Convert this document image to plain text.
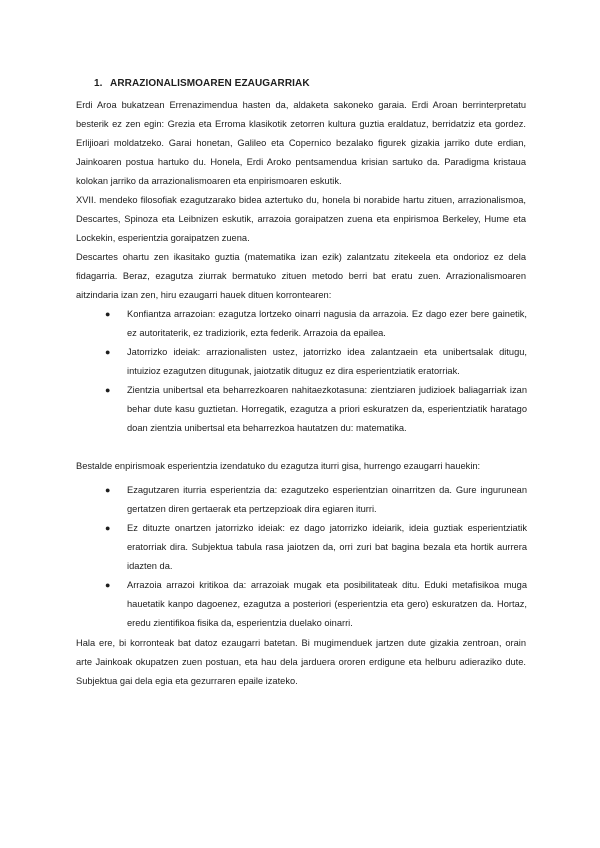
1. ARRAZIONALISMOAREN EZAUGARRIAK

Erdi Aroa bukatzean Errenazimendua hasten da, aldaketa sakoneko garaia. Erdi Aroan berrinterpretatu besterik ez zen egin: Grezia eta Erroma klasikotik zetorren kultura guztia eraldatuz, berridatziz eta gordez. Erlijioari moldatzeko. Garai honetan, Galileo eta Copernico bezalako figurek gizakia jarriko dute erdian, Jainkoaren postua hartuko du. Honela, Erdi Aroko pentsamendua krisian sartuko da. Paradigma kristaua kolokan jarriko da arrazionalismoaren eta enpirismoaren eskutik.

XVII. mendeko filosofiak ezagutzarako bidea aztertuko du, honela bi norabide hartu zituen, arrazionalismoa, Descartes, Spinoza eta Leibnizen eskutik, arrazoia goraipatzen zuena eta enpirismoa Berkeley, Hume eta Lockekin, esperientzia goraipatzen zuena.

Descartes ohartu zen ikasitako guztia (matematika izan ezik) zalantzatu zitekeela eta ondorioz ez dela fidagarria. Beraz, ezagutza ziurrak bermatuko zituen metodo berri bat eratu zuen. Arrazionalismoaren aitzindaria izan zen, hiru ezaugarri hauek dituen korrontearen:

●	Konfiantza arrazoian: ezagutza lortzeko oinarri nagusia da arrazoia. Ez dago ezer bere gainetik, ez autoritaterik, ez tradiziorik, ezta federik. Arrazoia da epailea.
●	Jatorrizko ideiak: arrazionalisten ustez, jatorrizko idea zalantzaein eta unibertsalak ditugu, intuizioz ezagutzen ditugunak, jaiotzatik dituguz ez dira esperientziatik eratorriak.
●	Zientzia unibertsal eta beharrezkoaren nahitaezkotasuna: zientziaren judizioek baliagarriak izan behar dute kasu guztietan. Horregatik, ezagutza a priori eskuratzen da, esperientziatik haratago doan zientzia unibertsal eta beharrezkoa hautatzen du: matematika.

Bestalde enpirismoak esperientzia izendatuko du ezagutza iturri gisa, hurrengo ezaugarri hauekin:

●	Ezagutzaren iturria esperientzia da: ezagutzeko esperientzian oinarritzen da. Gure ingurunean gertatzen diren gertaerak eta pertzepzioak dira egiaren iturri.
●	Ez dituzte onartzen jatorrizko ideiak: ez dago jatorrizko ideiarik, ideia guztiak esperientziatik eratorriak dira. Subjektua tabula rasa jaiotzen da, orri zuri bat bagina bezala eta hortik aurrera idazten da.
●	Arrazoia arrazoi kritikoa da: arrazoiak mugak eta posibilitateak ditu. Eduki metafisikoa muga hauetatik kanpo dagoenez, ezagutza a posteriori (esperientzia eta gero) eskuratzen da. Hortaz, eredu zientifikoa fisika da, esperientzia duelako oinarri.

Hala ere, bi korronteak bat datoz ezaugarri batetan. Bi mugimenduek jartzen dute gizakia zentroan, orain arte Jainkoak okupatzen zuen postuan, eta hau dela jarduera ororen erdigune eta helburu adieraziko dute. Subjektua gai dela egia eta gezurraren epaile izateko.
